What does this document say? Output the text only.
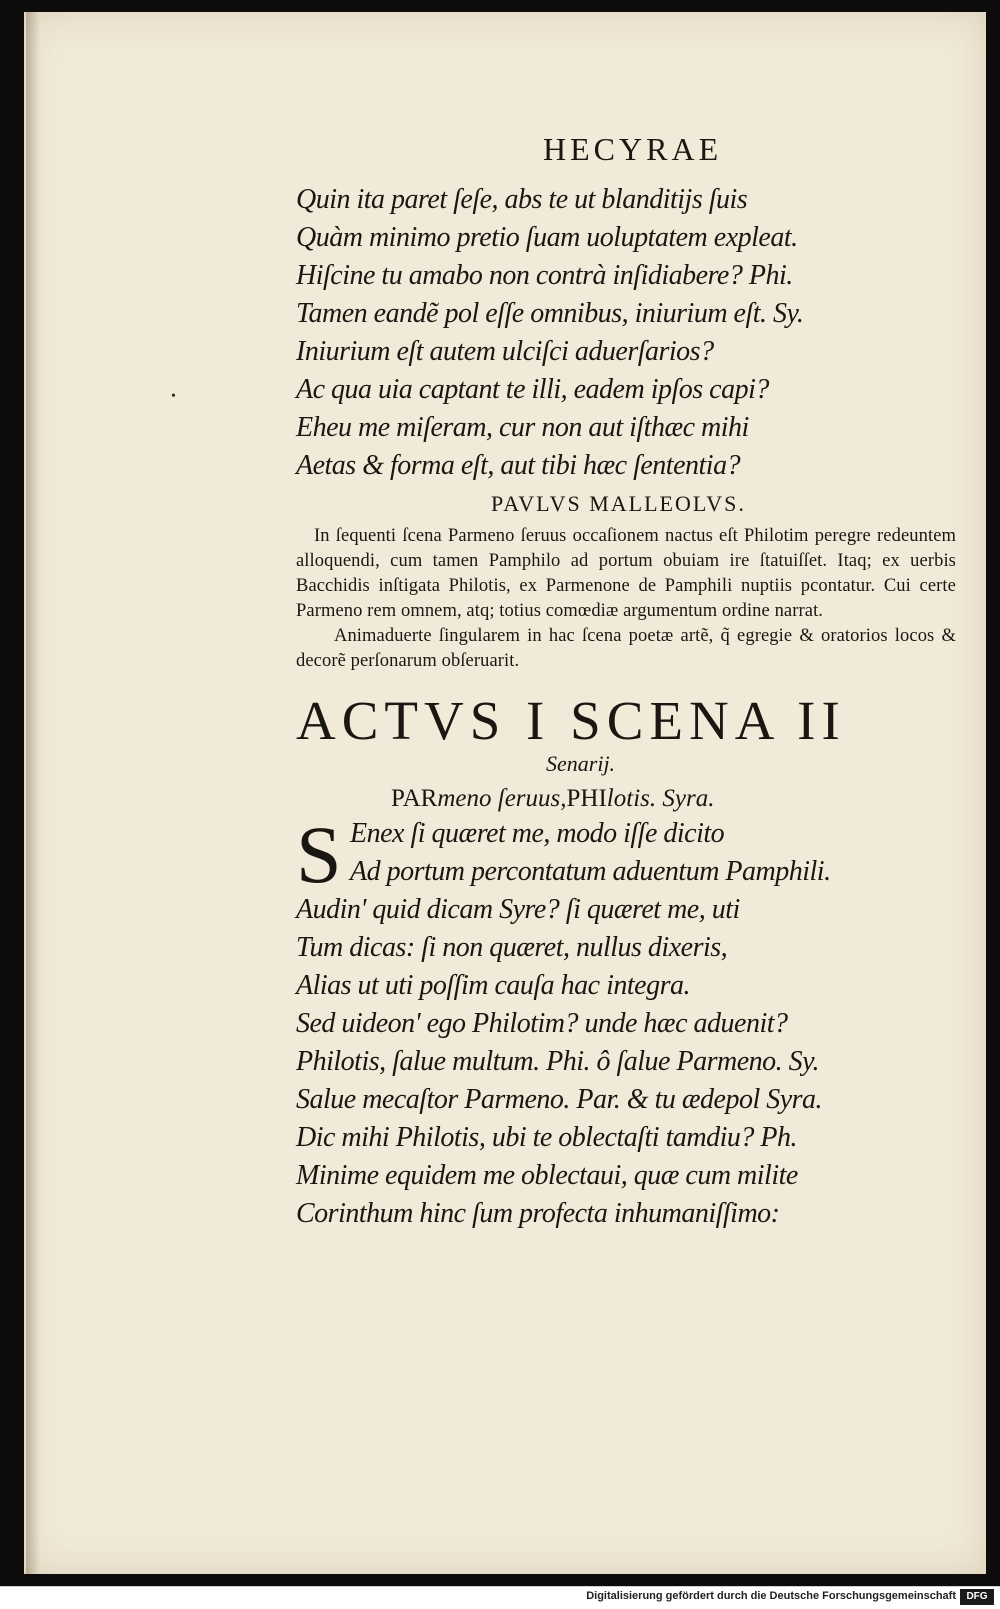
•
HECYRAE

Quin ita paret ſeſe, abs te ut blanditijs ſuis

Quàm minimo pretio ſuam uoluptatem expleat.

Hiſcine tu amabo non contrà inſidiabere? Phi.

Tamen eandẽ pol eſſe omnibus, iniurium eſt. Sy.

Iniurium eſt autem ulciſci aduerſarios?

Ac qua uia captant te illi, eadem ipſos capi?

Eheu me miſeram, cur non aut iſthæc mihi

Aetas & forma eſt, aut tibi hæc ſententia?

PAVLVS MALLEOLVS.

In ſequenti ſcena Parmeno ſeruus occaſionem nactus eſt Philotim peregre redeuntem alloquendi, cum tamen Pamphilo ad portum obuiam ire ſtatuiſſet. Itaq; ex uerbis Bacchidis inſtigata Philotis, ex Parmenone de Pamphili nuptiis pcontatur. Cui certe Parmeno rem omnem, atq; totius comœdiæ argumentum ordine narrat.

Animaduerte ſingularem in hac ſcena poetæ artẽ, q̃ egregie & oratorios locos & decorẽ perſonarum obſeruarit.

ACTVS I SCENA II
Senarij.
PARmeno ſeruus,PHIlotis. Syra.
S Enex ſi quæret me, modo iſſe dicito

Ad portum percontatum aduentum Pamphili.

Audin' quid dicam Syre? ſi quæret me, uti

Tum dicas: ſi non quæret, nullus dixeris,

Alias ut uti poſſim cauſa hac integra.

Sed uideon' ego Philotim? unde hæc aduenit?

Philotis, ſalue multum. Phi. ô ſalue Parmeno. Sy.

Salue mecaſtor Parmeno. Par. & tu ædepol Syra.

Dic mihi Philotis, ubi te oblectaſti tamdiu? Ph.

Minime equidem me oblectaui, quæ cum milite

Corinthum hinc ſum profecta inhumaniſſimo:

Digitalisierung gefördert durch die Deutsche Forschungsgemeinschaft	DFG
